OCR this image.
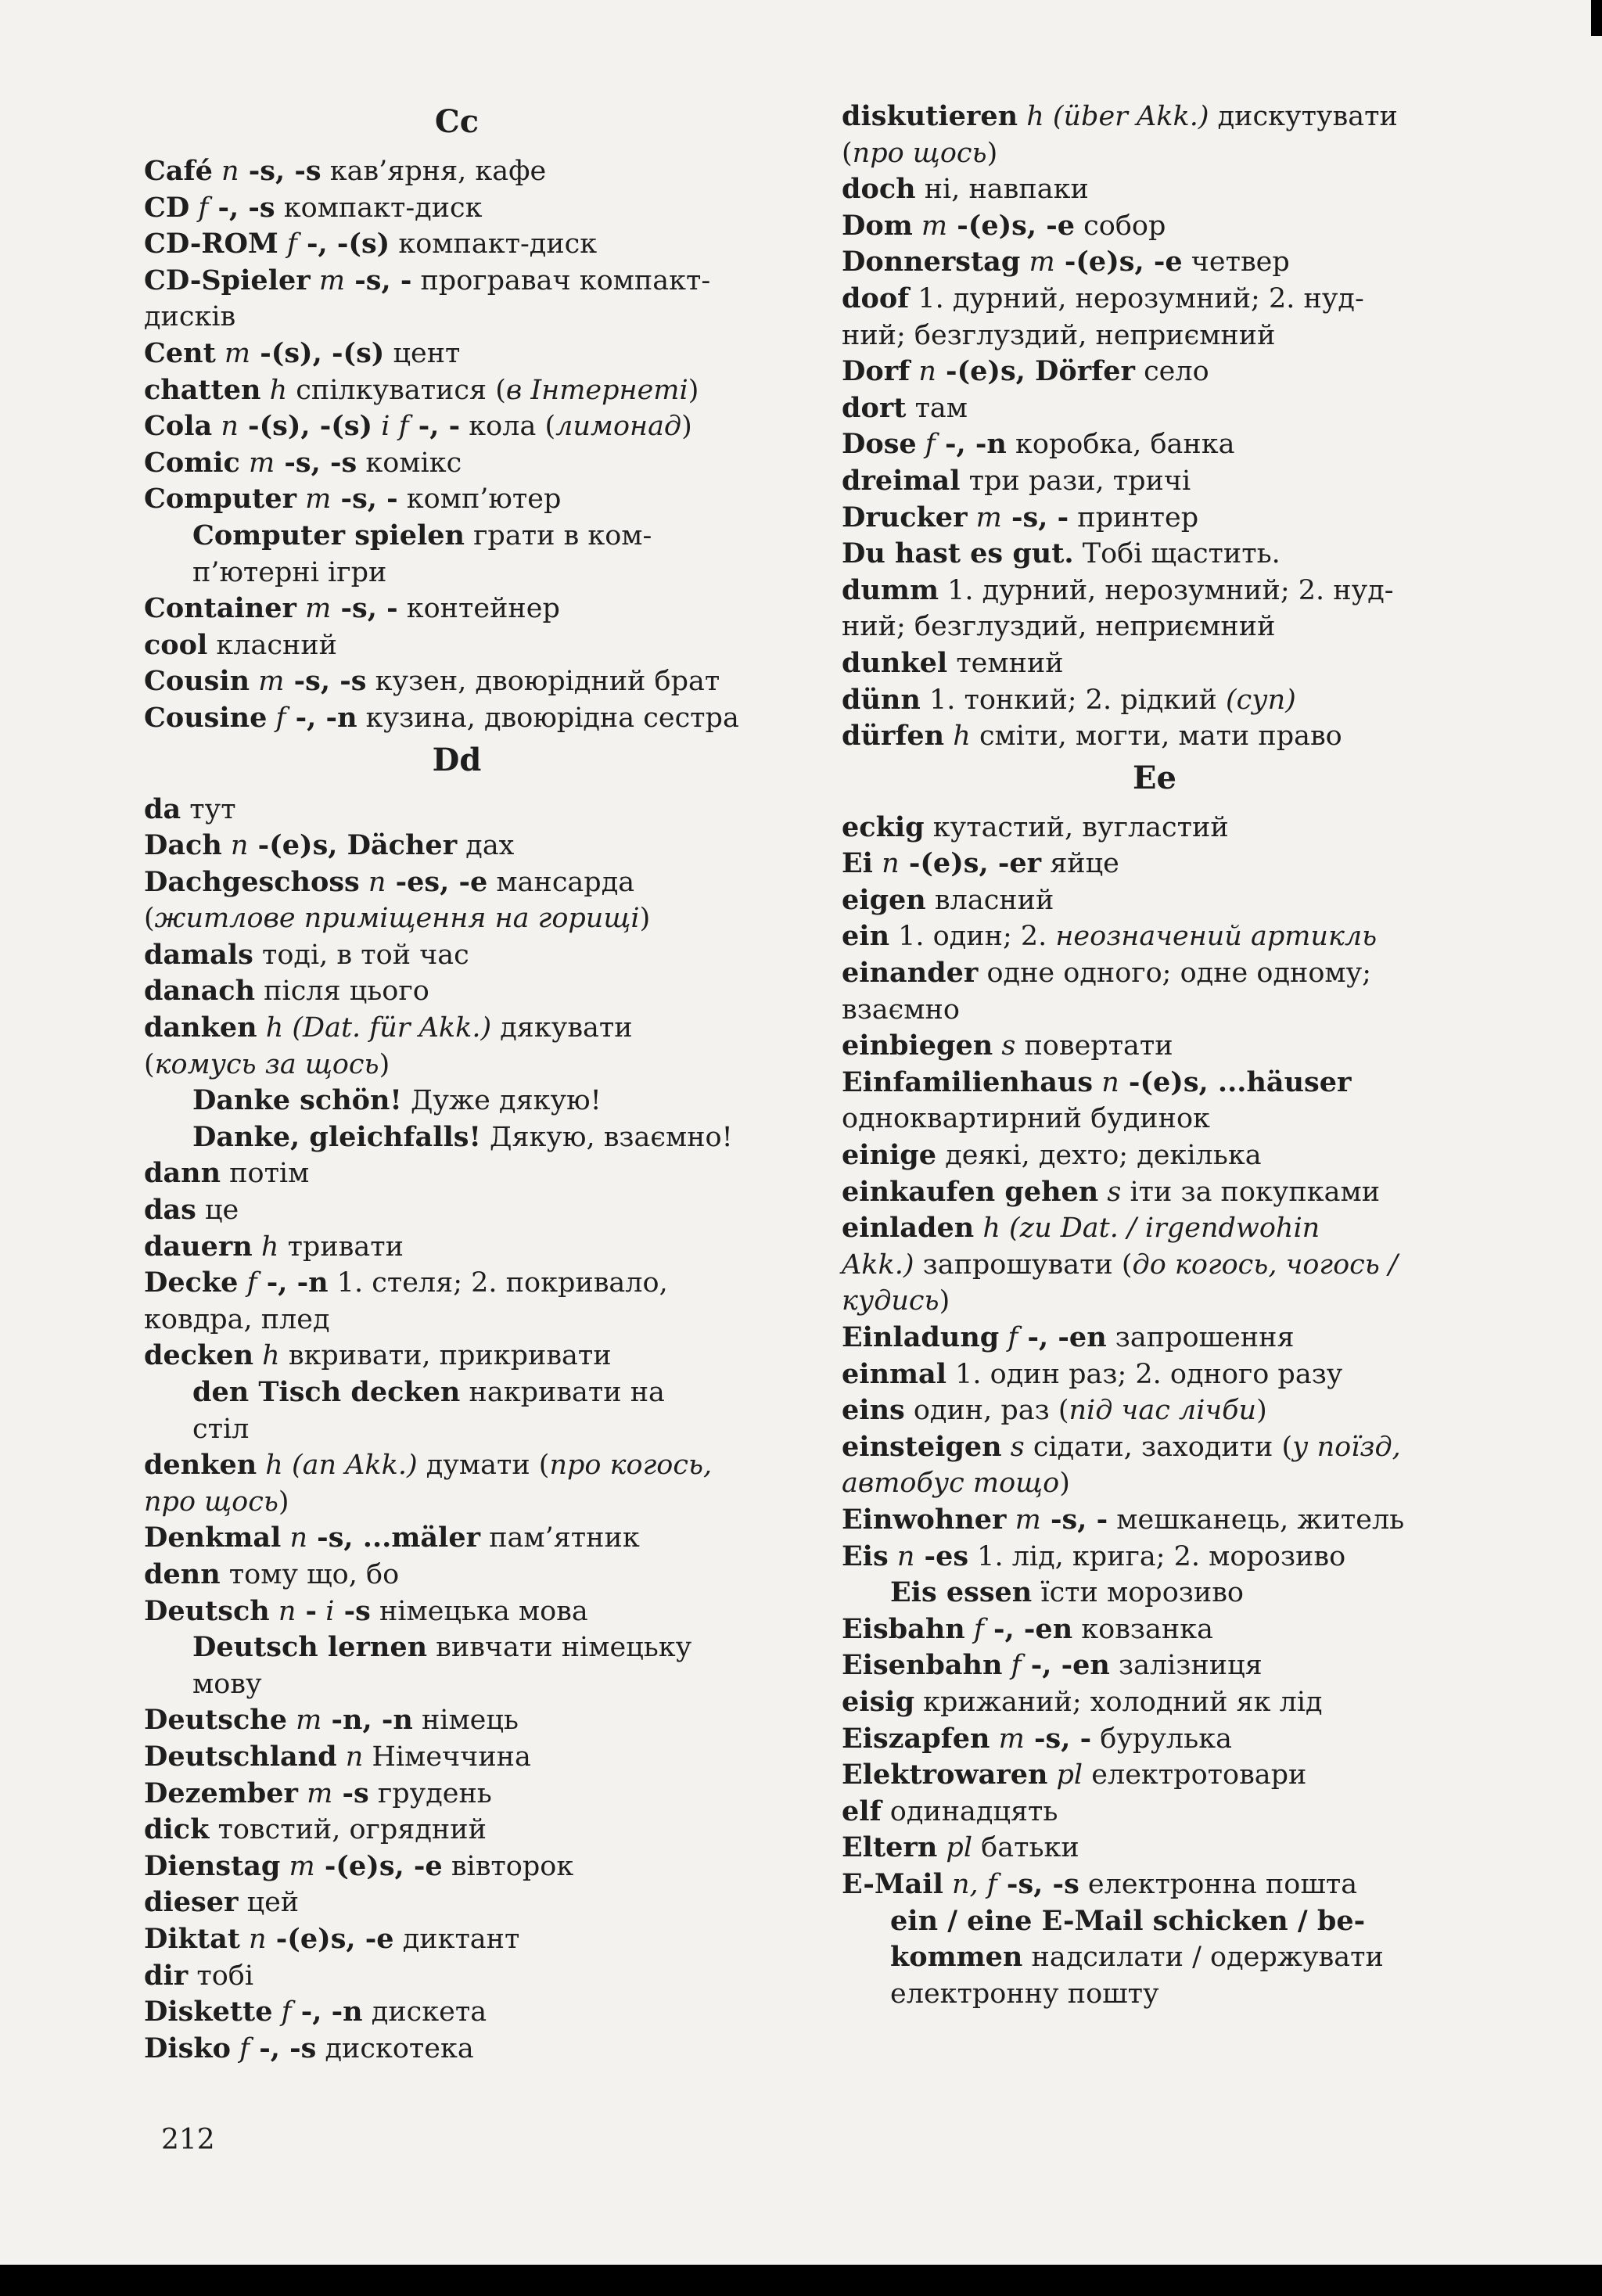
Cc
Café n -s, -s кав’ярня, кафе
CD f -, -s компакт-диск
CD-ROM f -, -(s) компакт-диск
CD-Spieler m -s, - програвач компакт-
дисків
Cent m -(s), -(s) цент
chatten h спілкуватися (в Інтернеті)
Cola n -(s), -(s) i f -, - кола (лимонад)
Comic m -s, -s комікс
Computer m -s, - комп’ютер
Computer spielen грати в ком-
п’ютерні ігри
Container m -s, - контейнер
cool класний
Cousin m -s, -s кузен, двоюрідний брат
Cousine f -, -n кузина, двоюрідна сестра
Dd
da тут
Dach n -(e)s, Dächer дах
Dachgeschoss n -es, -e мансарда
(житлове приміщення на горищі)
damals тоді, в той час
danach після цього
danken h (Dat. für Akk.) дякувати
(комусь за щось)
Danke schön! Дуже дякую!
Danke, gleichfalls! Дякую, взаємно!
dann потім
das це
dauern h тривати
Decke f -, -n 1. стеля; 2. покривало,
ковдра, плед
decken h вкривати, прикривати
den Tisch decken накривати на
стіл
denken h (an Akk.) думати (про когось,
про щось)
Denkmal n -s, ...mäler пам’ятник
denn тому що, бо
Deutsch n - i -s німецька мова
Deutsch lernen вивчати німецьку
мову
Deutsche m -n, -n німець
Deutschland n Німеччина
Dezember m -s грудень
dick товстий, огрядний
Dienstag m -(e)s, -e вівторок
dieser цей
Diktat n -(e)s, -e диктант
dir тобі
Diskette f -, -n дискета
Disko f -, -s дискотека
diskutieren h (über Akk.) дискутувати
(про щось)
doch ні, навпаки
Dom m -(e)s, -e собор
Donnerstag m -(e)s, -e четвер
doof 1. дурний, нерозумний; 2. нуд-
ний; безглуздий, неприємний
Dorf n -(e)s, Dörfer село
dort там
Dose f -, -n коробка, банка
dreimal три рази, тричі
Drucker m -s, - принтер
Du hast es gut. Тобі щастить.
dumm 1. дурний, нерозумний; 2. нуд-
ний; безглуздий, неприємний
dunkel темний
dünn 1. тонкий; 2. рідкий (суп)
dürfen h сміти, могти, мати право
Ee
eckig кутастий, вугластий
Ei n -(e)s, -er яйце
eigen власний
ein 1. один; 2. неозначений артикль
einander одне одного; одне одному;
взаємно
einbiegen s повертати
Einfamilienhaus n -(e)s, ...häuser
одноквартирний будинок
einige деякі, дехто; декілька
einkaufen gehen s іти за покупками
einladen h (zu Dat. / irgendwohin
Akk.) запрошувати (до когось, чогось /
кудись)
Einladung f -, -en запрошення
einmal 1. один раз; 2. одного разу
eins один, раз (під час лічби)
einsteigen s сідати, заходити (у поїзд,
автобус тощо)
Einwohner m -s, - мешканець, житель
Eis n -es 1. лід, крига; 2. морозиво
Eis essen їсти морозиво
Eisbahn f -, -en ковзанка
Eisenbahn f -, -en залізниця
eisig крижаний; холодний як лід
Eiszapfen m -s, - бурулька
Elektrowaren pl електротовари
elf одинадцять
Eltern pl батьки
E-Mail n, f -s, -s електронна пошта
ein / eine E-Mail schicken / be-
kommen надсилати / одержувати
електронну пошту
212
